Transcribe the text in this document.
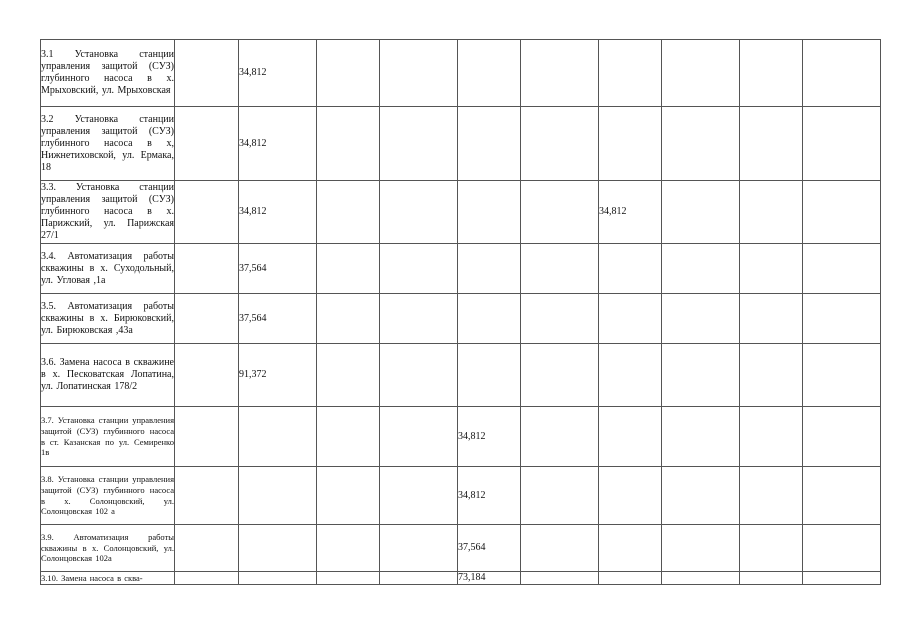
3.1 Установка станции управления защитой (СУЗ) глубинного насоса в х. Мрыховский, ул. Мрыховская		34,812									
3.2 Установка станции управления защитой (СУЗ) глубинного насоса в х, Нижнетиховской, ул. Ермака, 18		34,812									
3.3. Установка станции управления защитой (СУЗ) глубинного насоса в х. Парижский, ул. Парижская 27/1		34,812					34,812				
3.4. Автоматизация работы скважины в х. Суходольный, ул. Угловая ,1а		37,564									
3.5. Автоматизация работы скважины в х. Бирюковский, ул. Бирюковская ,43а		37,564									
3.6. Замена насоса в скважине в х. Песковатская Лопатина, ул. Лопатинская 178/2		91,372									
3.7. Установка станции управления защитой (СУЗ) глубинного насоса в ст. Казанская по ул. Семиренко 1в					34,812						
3.8. Установка станции управления защитой (СУЗ) глубинного насоса в х. Солонцовский, ул. Солонцовская 102 а					34,812						
3.9. Автоматизация работы скважины в х. Солонцовский, ул. Солонцовская 102а					37,564						
3.10. Замена насоса в сква-					73,184						
